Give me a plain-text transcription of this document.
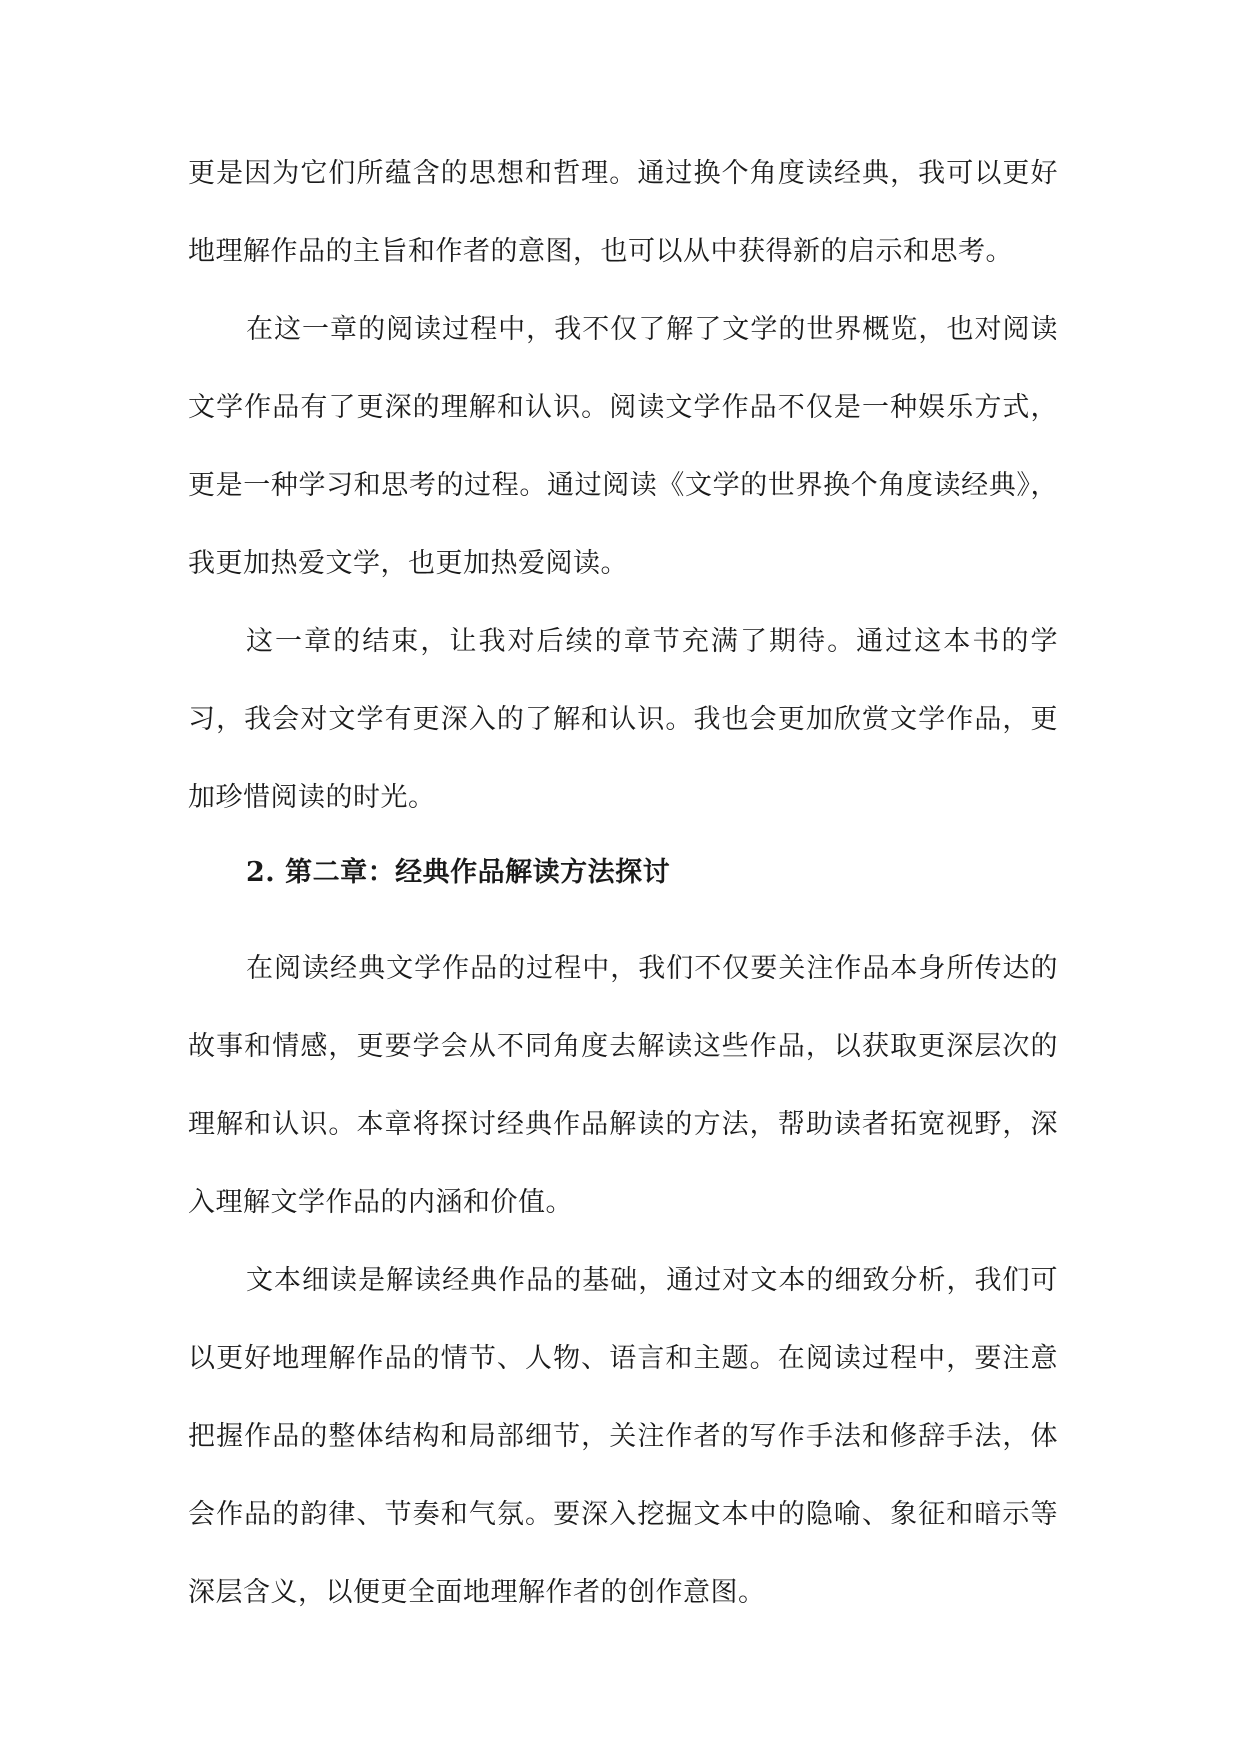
更是因为它们所蕴含的思想和哲理。通过换个角度读经典，我可以更好地理解作品的主旨和作者的意图，也可以从中获得新的启示和思考。

在这一章的阅读过程中，我不仅了解了文学的世界概览，也对阅读文学作品有了更深的理解和认识。阅读文学作品不仅是一种娱乐方式，更是一种学习和思考的过程。通过阅读《文学的世界换个角度读经典》，我更加热爱文学，也更加热爱阅读。

这一章的结束，让我对后续的章节充满了期待。通过这本书的学习，我会对文学有更深入的了解和认识。我也会更加欣赏文学作品，更加珍惜阅读的时光。

2. 第二章：经典作品解读方法探讨

在阅读经典文学作品的过程中，我们不仅要关注作品本身所传达的故事和情感，更要学会从不同角度去解读这些作品，以获取更深层次的理解和认识。本章将探讨经典作品解读的方法，帮助读者拓宽视野，深入理解文学作品的内涵和价值。

文本细读是解读经典作品的基础，通过对文本的细致分析，我们可以更好地理解作品的情节、人物、语言和主题。在阅读过程中，要注意把握作品的整体结构和局部细节，关注作者的写作手法和修辞手法，体会作品的韵律、节奏和气氛。要深入挖掘文本中的隐喻、象征和暗示等深层含义，以便更全面地理解作者的创作意图。
